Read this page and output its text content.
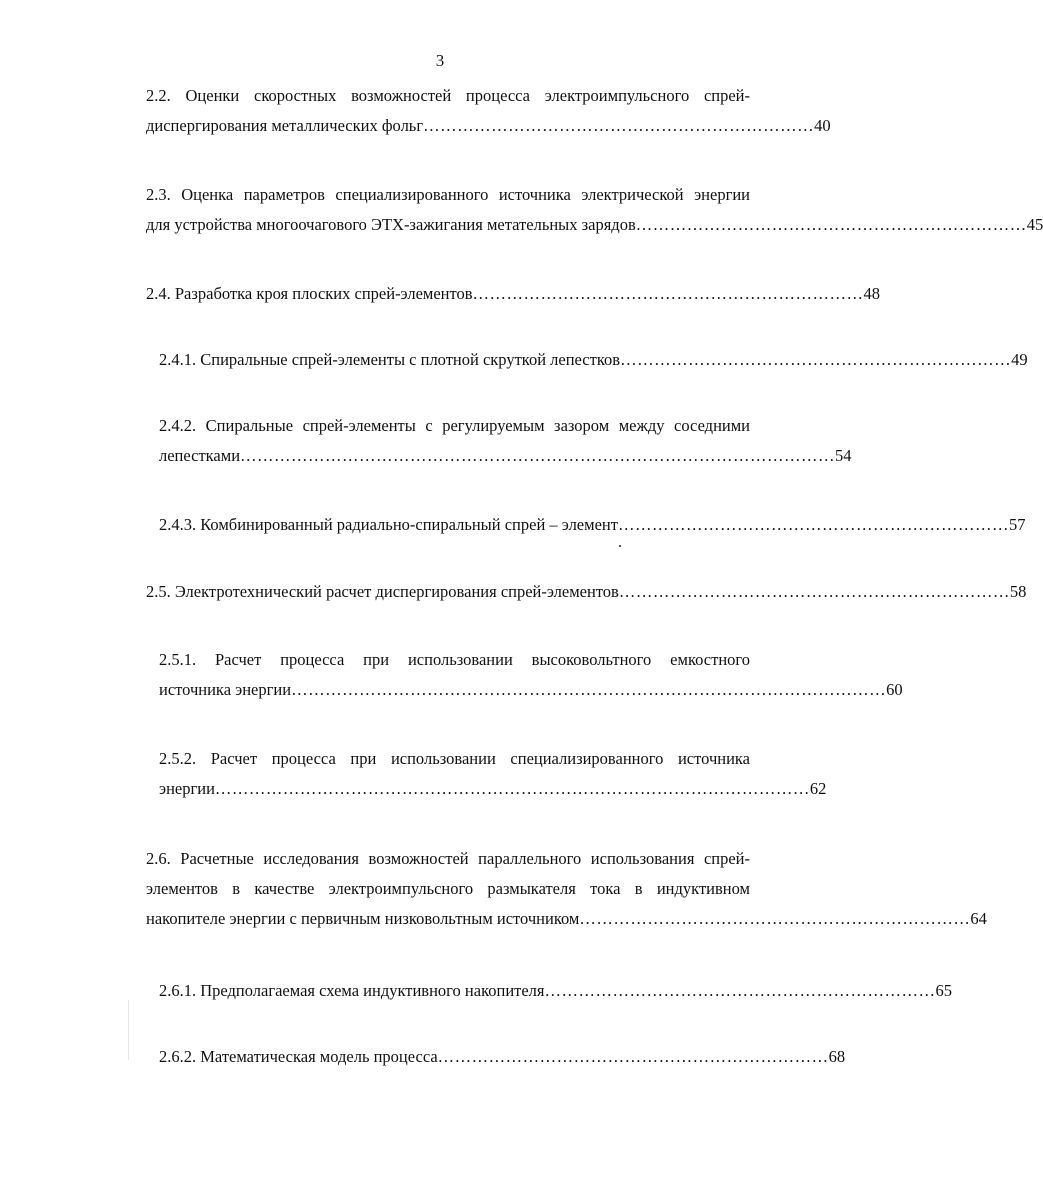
3
2.2. Оценки скоростных возможностей процесса электроимпульсного спрей-
диспергирования металлических фольг …………………………………………………………… 40
2.3. Оценка параметров специализированного источника электрической энергии
для устройства многоочагового ЭТХ-зажигания метательных зарядов …………………………………………………………… 45
2.4. Разработка кроя плоских спрей-элементов …………………………………………………………… 48
2.4.1. Спиральные спрей-элементы с плотной скруткой лепестков …………………………………………………………… 49
2.4.2. Спиральные спрей-элементы с регулируемым зазором между соседними
лепестками …………………………………………………………………………………………… 54
2.4.3. Комбинированный радиально-спиральный спрей – элемент …………………………………………………………… 57
2.5. Электротехнический расчет диспергирования спрей-элементов …………………………………………………………… 58
2.5.1. Расчет процесса при использовании высоковольтного емкостного
источника энергии …………………………………………………………………………………………… 60
2.5.2. Расчет процесса при использовании специализированного источника
энергии …………………………………………………………………………………………… 62
2.6. Расчетные исследования возможностей параллельного использования спрей-
элементов в качестве электроимпульсного размыкателя тока в индуктивном
накопителе энергии с первичным низковольтным источником …………………………………………………………… 64
2.6.1. Предполагаемая схема индуктивного накопителя …………………………………………………………… 65
2.6.2. Математическая модель процесса …………………………………………………………… 68
